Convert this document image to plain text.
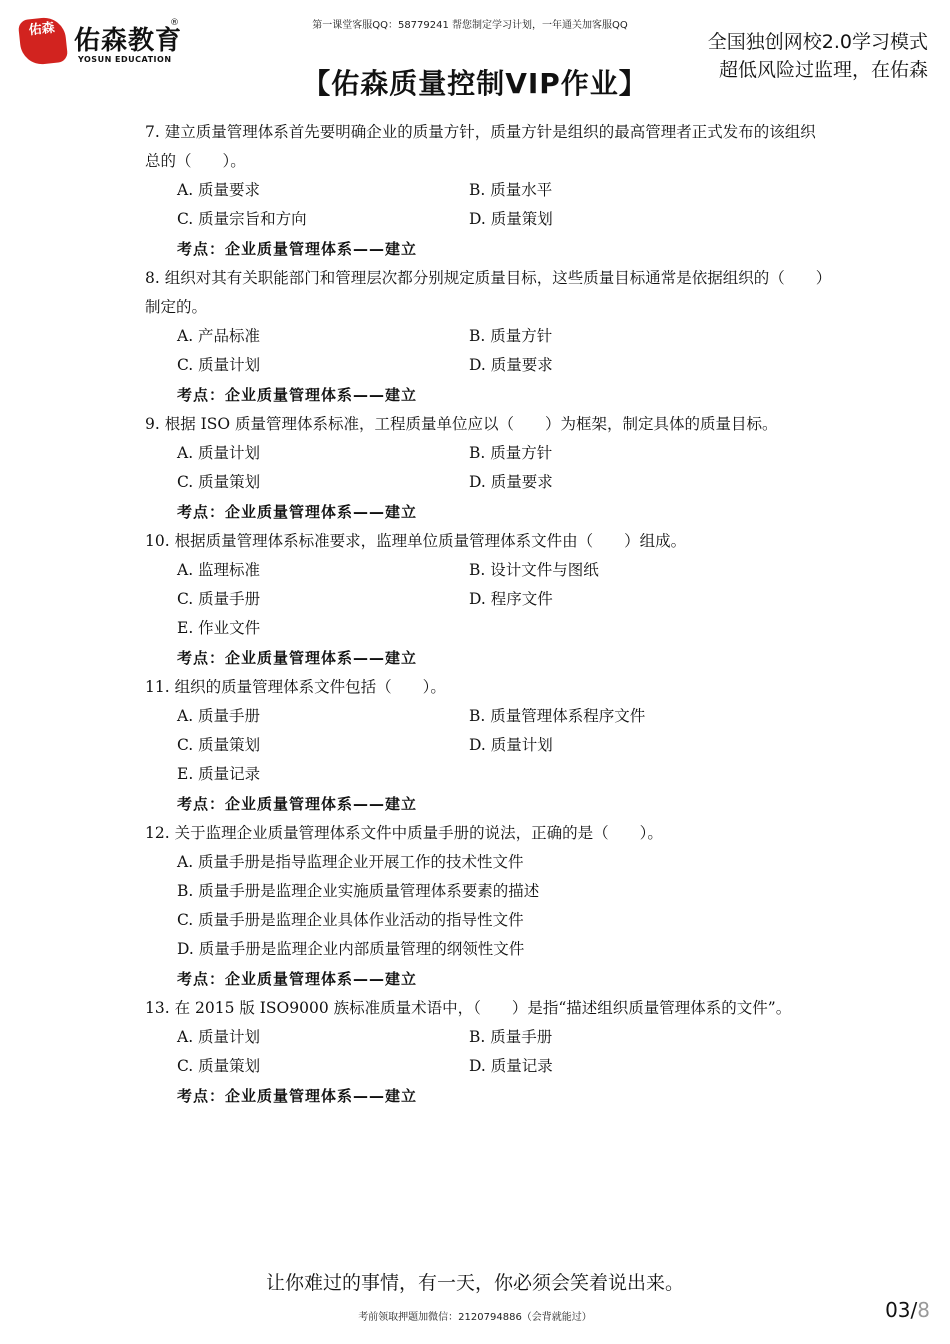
佑森 佑森教育
®
YOSUN EDUCATION
第一课堂客服QQ：58779241 帮您制定学习计划，一年通关加客服QQ
全国独创网校2.0学习模式
超低风险过监理，在佑森
【佑森质量控制VIP作业】

7. 建立质量管理体系首先要明确企业的质量方针，质量方针是组织的最高管理者正式发布的该组织总的（　　）。

A. 质量要求	B. 质量水平
C. 质量宗旨和方向	D. 质量策划
考点：企业质量管理体系——建立

8. 组织对其有关职能部门和管理层次都分别规定质量目标，这些质量目标通常是依据组织的（　　）制定的。

A. 产品标准	B. 质量方针
C. 质量计划	D. 质量要求
考点：企业质量管理体系——建立

9. 根据 ISO 质量管理体系标准，工程质量单位应以（　　）为框架，制定具体的质量目标。

A. 质量计划	B. 质量方针
C. 质量策划	D. 质量要求
考点：企业质量管理体系——建立

10. 根据质量管理体系标准要求，监理单位质量管理体系文件由（　　）组成。

A. 监理标准	B. 设计文件与图纸
C. 质量手册	D. 程序文件
E. 作业文件
考点：企业质量管理体系——建立

11. 组织的质量管理体系文件包括（　　）。

A. 质量手册	B. 质量管理体系程序文件
C. 质量策划	D. 质量计划
E. 质量记录
考点：企业质量管理体系——建立

12. 关于监理企业质量管理体系文件中质量手册的说法，正确的是（　　）。

A. 质量手册是指导监理企业开展工作的技术性文件
B. 质量手册是监理企业实施质量管理体系要素的描述
C. 质量手册是监理企业具体作业活动的指导性文件
D. 质量手册是监理企业内部质量管理的纲领性文件
考点：企业质量管理体系——建立

13. 在 2015 版 ISO9000 族标准质量术语中，（　　）是指“描述组织质量管理体系的文件”。

A. 质量计划	B. 质量手册
C. 质量策划	D. 质量记录
考点：企业质量管理体系——建立
让你难过的事情，有一天，你必须会笑着说出来。
考前领取押题加微信：2120794886（会背就能过）	03/8
